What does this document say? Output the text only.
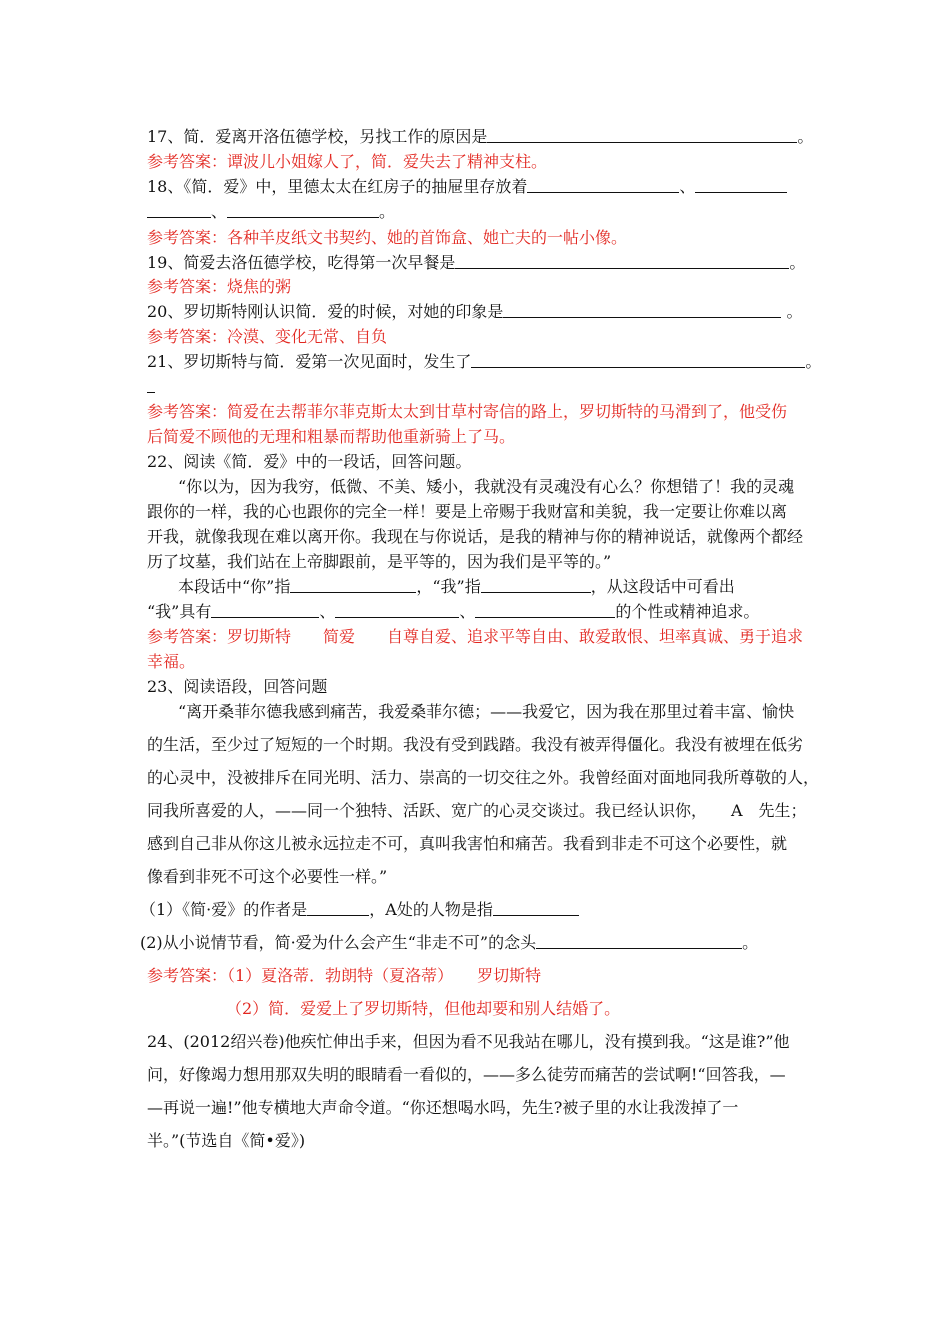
17、简．爱离开洛伍德学校，另找工作的原因是	。
参考答案：谭波儿小姐嫁人了，简．爱失去了精神支柱。
18、《简．爱》中，里德太太在红房子的抽屉里存放着	、
、	。
参考答案：各种羊皮纸文书契约、她的首饰盒、她亡夫的一帖小像。
19、简爱去洛伍德学校，吃得第一次早餐是	。
参考答案：烧焦的粥
20、罗切斯特刚认识简．爱的时候，对她的印象是	。
参考答案：冷漠、变化无常、自负
21、罗切斯特与简．爱第一次见面时，发生了	。
参考答案：简爱在去帮菲尔菲克斯太太到甘草村寄信的路上，罗切斯特的马滑到了，他受伤
后简爱不顾他的无理和粗暴而帮助他重新骑上了马。
22、阅读《简．爱》中的一段话，回答问题。
“你以为，因为我穷，低微、不美、矮小，我就没有灵魂没有心么？你想错了！我的灵魂
跟你的一样，我的心也跟你的完全一样！要是上帝赐于我财富和美貌，我一定要让你难以离
开我，就像我现在难以离开你。我现在与你说话，是我的精神与你的精神说话，就像两个都经
历了坟墓，我们站在上帝脚跟前，是平等的，因为我们是平等的。”
本段话中“你”指	，“我”指	，从这段话中可看出
“我”具有	、	、	的个性或精神追求。
参考答案：罗切斯特　　简爱　　自尊自爱、追求平等自由、敢爱敢恨、坦率真诚、勇于追求
幸福。
23、阅读语段，回答问题
“离开桑菲尔德我感到痛苦，我爱桑菲尔德；——我爱它，因为我在那里过着丰富、愉快
的生活，至少过了短短的一个时期。我没有受到践踏。我没有被弄得僵化。我没有被埋在低劣
的心灵中，没被排斥在同光明、活力、崇高的一切交往之外。我曾经面对面地同我所尊敬的人，
同我所喜爱的人，——同一个独特、活跃、宽广的心灵交谈过。我已经认识你，　　A　先生；
感到自己非从你这儿被永远拉走不可，真叫我害怕和痛苦。我看到非走不可这个必要性，就
像看到非死不可这个必要性一样。”
（1）《简·爱》的作者是	，A处的人物是指
(2)从小说情节看，简·爱为什么会产生“非走不可”的念头	。
参考答案：（1）夏洛蒂．勃朗特（夏洛蒂）　　罗切斯特
（2）简．爱爱上了罗切斯特，但他却要和别人结婚了。
24、(2012绍兴卷)他疾忙伸出手来，但因为看不见我站在哪儿，没有摸到我。“这是谁?”他
问，好像竭力想用那双失明的眼睛看一看似的，——多么徒劳而痛苦的尝试啊!“回答我，—
—再说一遍!”他专横地大声命令道。“你还想喝水吗，先生?被子里的水让我泼掉了一
半。”(节选自《简•爱》)
